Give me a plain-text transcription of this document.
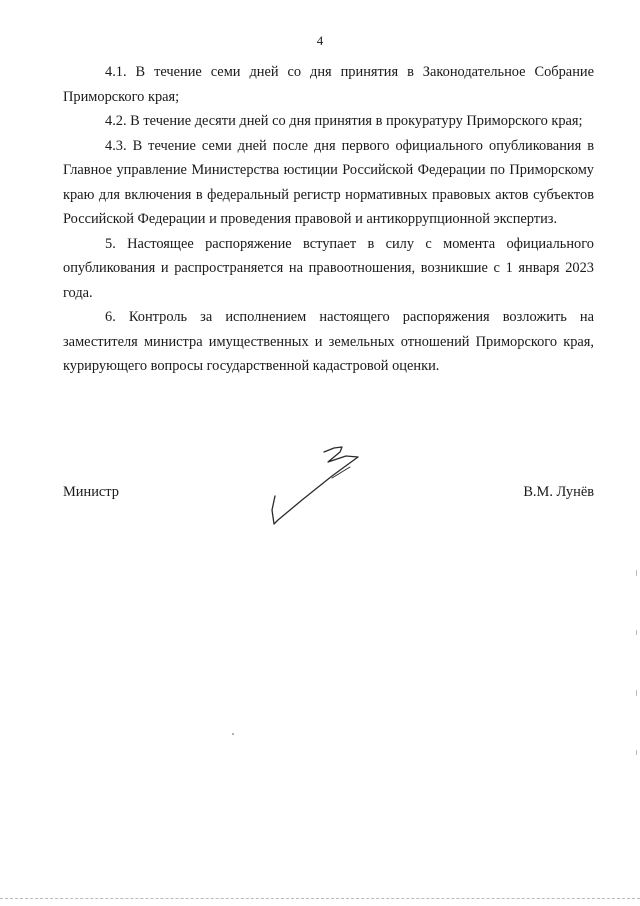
4

4.1. В течение семи дней со дня принятия в Законодательное Собрание Приморского края;

4.2. В течение десяти дней со дня принятия в прокуратуру Приморского края;

4.3. В течение семи дней после дня первого официального опубликования в Главное управление Министерства юстиции Российской Федерации по Приморскому краю для включения в федеральный регистр нормативных правовых актов субъектов Российской Федерации и проведения правовой и антикоррупционной экспертиз.

5. Настоящее распоряжение вступает в силу с момента официального опубликования и распространяется на правоотношения, возникшие с 1 января 2023 года.

6. Контроль за исполнением настоящего распоряжения возложить на заместителя министра имущественных и земельных отношений Приморского края, курирующего вопросы государственной кадастровой оценки.

Министр	В.М. Лунёв
